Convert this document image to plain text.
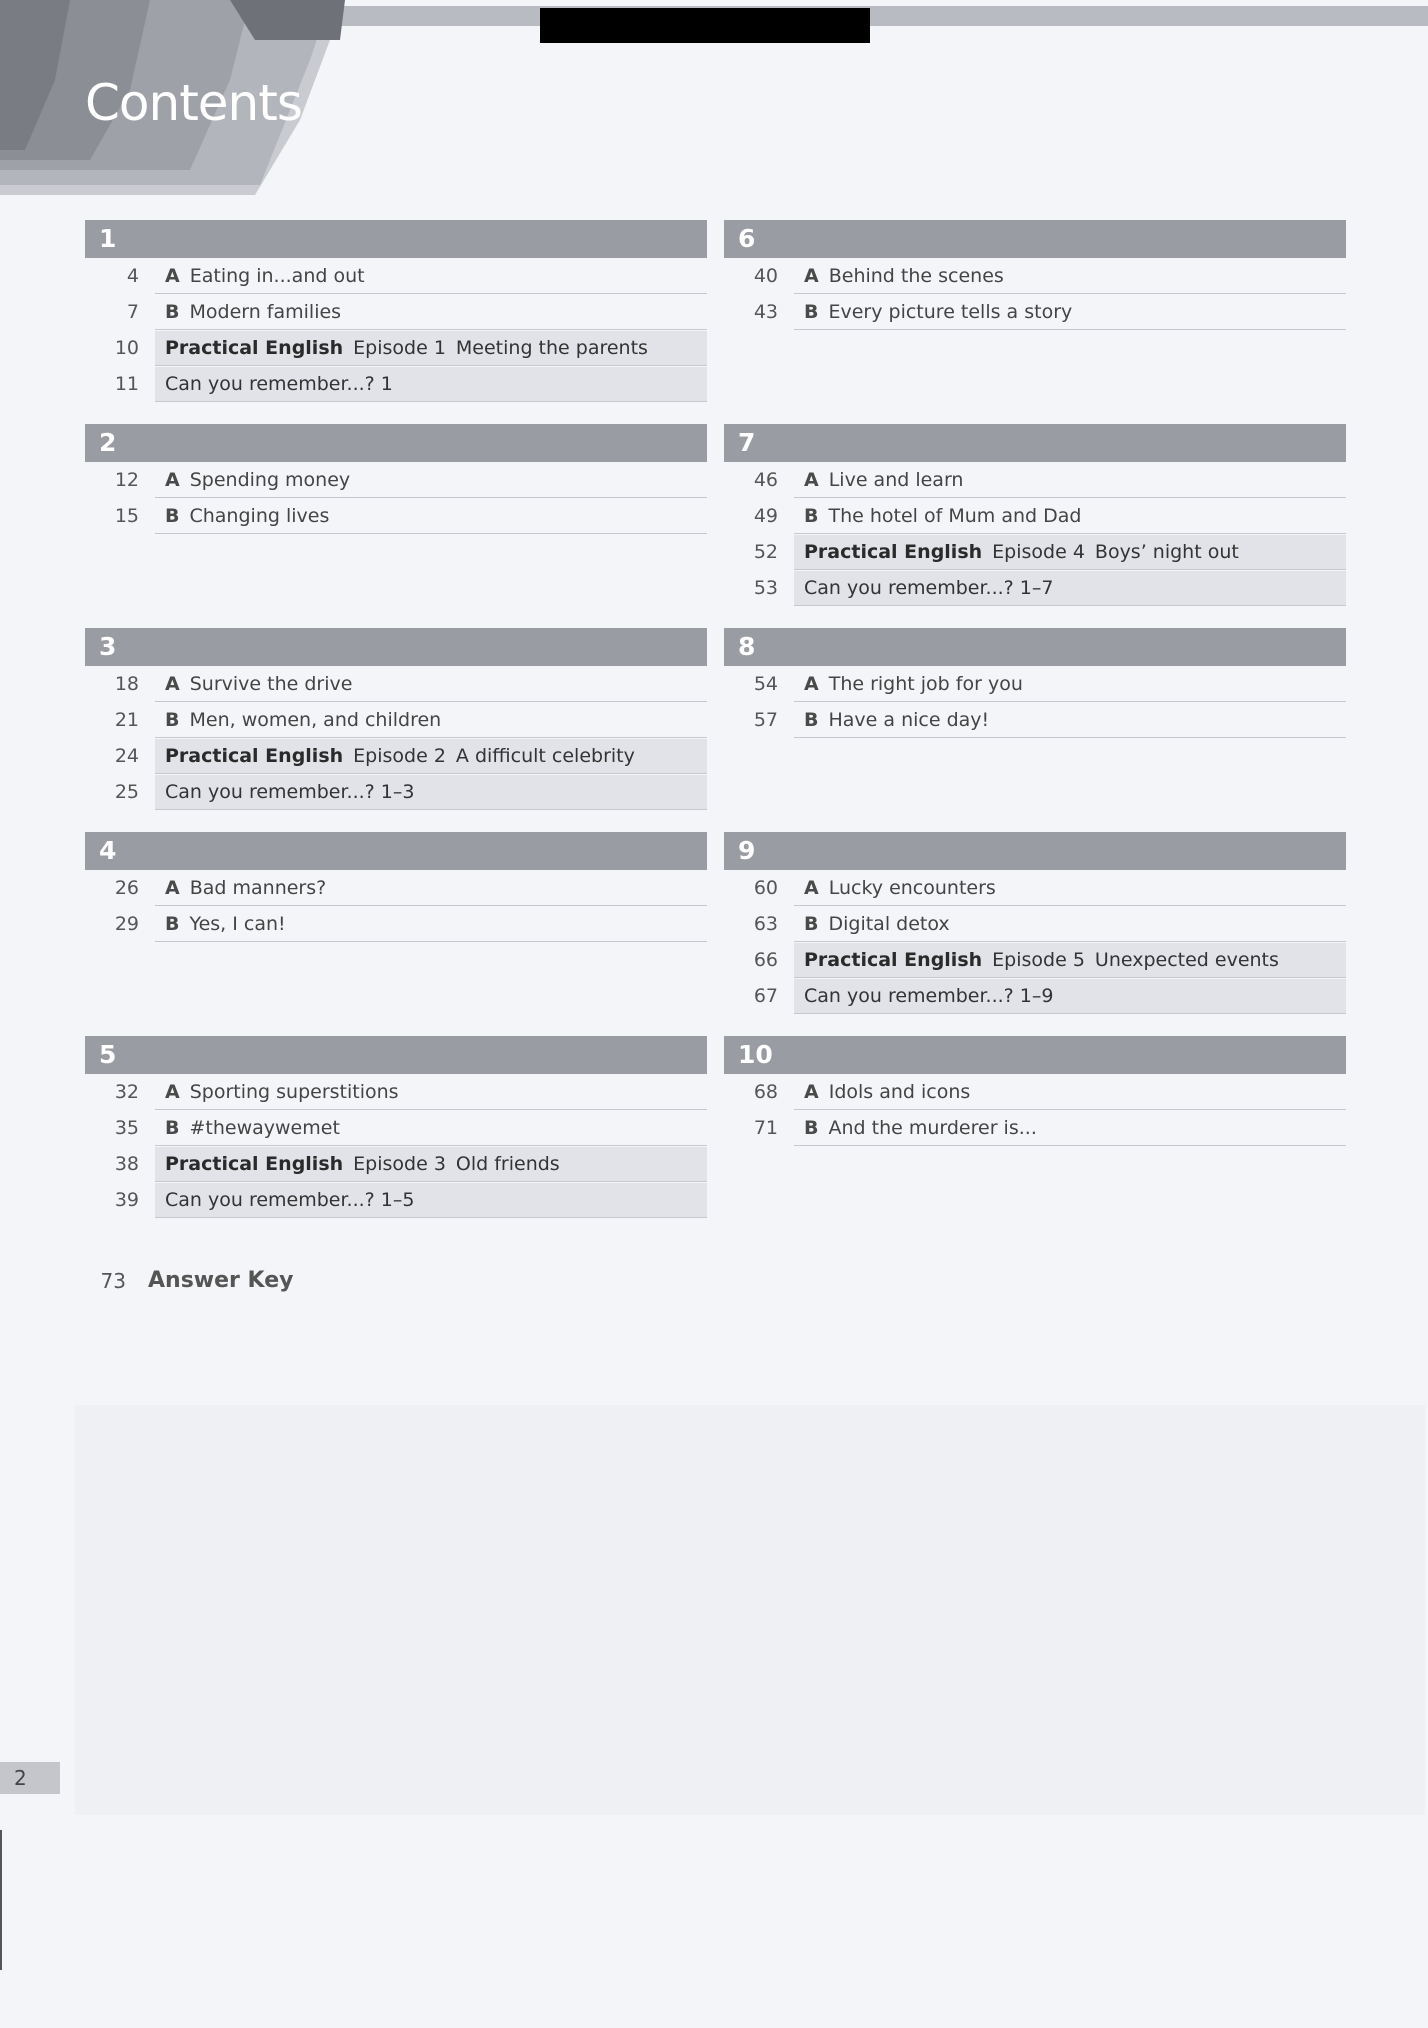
Contents
1
4	A Eating in...and out
7	B Modern families
10	Practical English Episode 1 Meeting the parents
11	Can you remember...? 1
2
12	A Spending money
15	B Changing lives
3
18	A Survive the drive
21	B Men, women, and children
24	Practical English Episode 2 A difficult celebrity
25	Can you remember...? 1–3
4
26	A Bad manners?
29	B Yes, I can!
5
32	A Sporting superstitions
35	B #thewaywemet
38	Practical English Episode 3 Old friends
39	Can you remember...? 1–5
6
40	A Behind the scenes
43	B Every picture tells a story
7
46	A Live and learn
49	B The hotel of Mum and Dad
52	Practical English Episode 4 Boys’ night out
53	Can you remember...? 1–7
8
54	A The right job for you
57	B Have a nice day!
9
60	A Lucky encounters
63	B Digital detox
66	Practical English Episode 5 Unexpected events
67	Can you remember...? 1–9
10
68	A Idols and icons
71	B And the murderer is...
73 Answer Key
2
